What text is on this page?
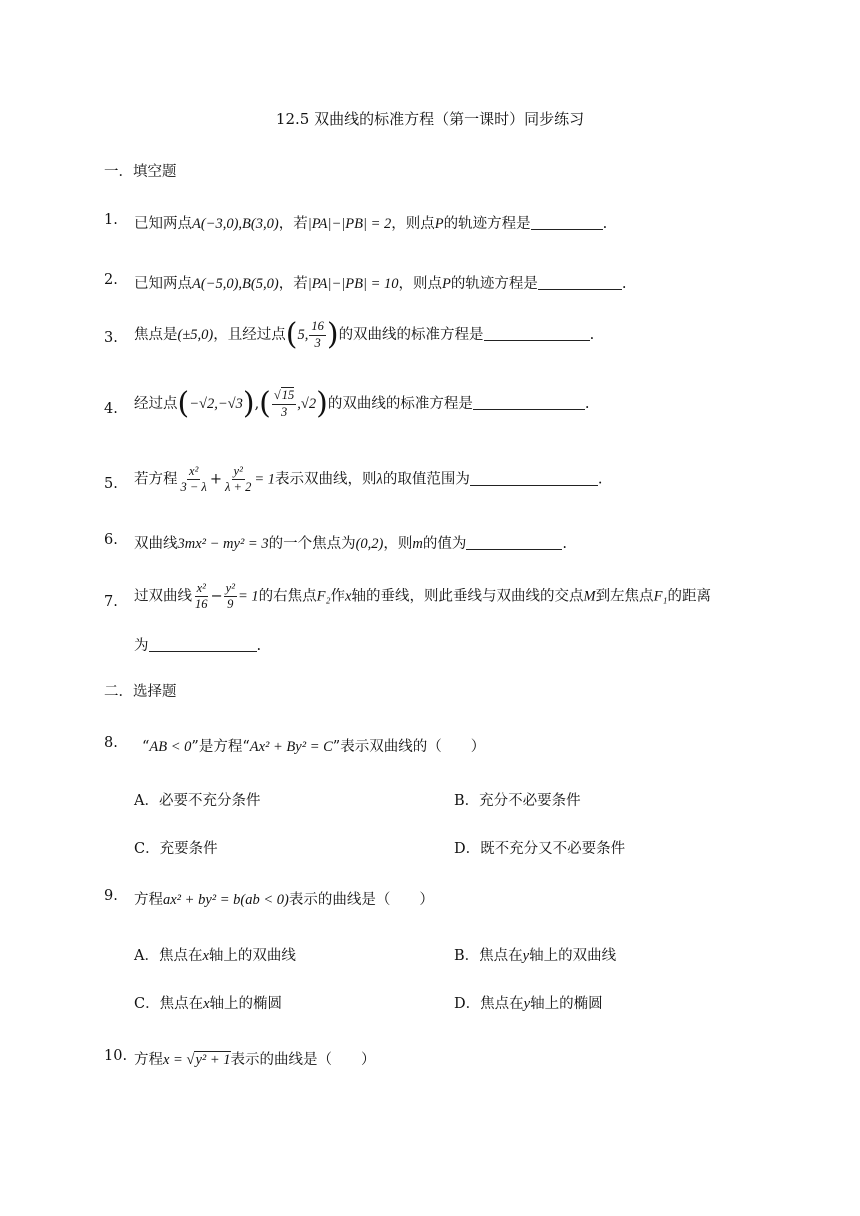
12.5 双曲线的标准方程（第一课时）同步练习
一．填空题
1. 已知两点A(−3,0),B(3,0)，若|PA|−|PB| = 2，则点P的轨迹方程是	.
2. 已知两点A(−5,0),B(5,0)，若|PA|−|PB| = 10，则点P的轨迹方程是	.
3. 焦点是(±5,0)，且经过点(5, $\frac{16}{3}$ )的双曲线的标准方程是	.
4. 经过点$(-√2,-√3),( \frac{√15}{3} ,√2)$的双曲线的标准方程是	.
5. 若方程 $\frac{\text{x²}}{3 - \lambda} + \frac{\text{y²}}{\lambda + 2} = 1$表示双曲线，则λ的取值范围为	.
6. 双曲线3mx² − my² = 3的一个焦点为(0,2)，则m的值为	.
7. 过双曲线 $\frac{\text{x²}}{16} - \frac{\text{y²}}{9} = 1$的右焦点F₂作x轴的垂线，则此垂线与双曲线的交点M到左焦点F₁的距离
为	.
二．选择题
8. “AB < 0”是方程“Ax² + By² = C”表示双曲线的（　　）
A．必要不充分条件	B．充分不必要条件
C．充要条件	D．既不充分又不必要条件
9. 方程ax² + by² = b(ab < 0)表示的曲线是（　　）
A．焦点在x轴上的双曲线	B．焦点在y轴上的双曲线
C．焦点在x轴上的椭圆	D．焦点在y轴上的椭圆
10. 方程x = √y² + 1表示的曲线是（　　）
